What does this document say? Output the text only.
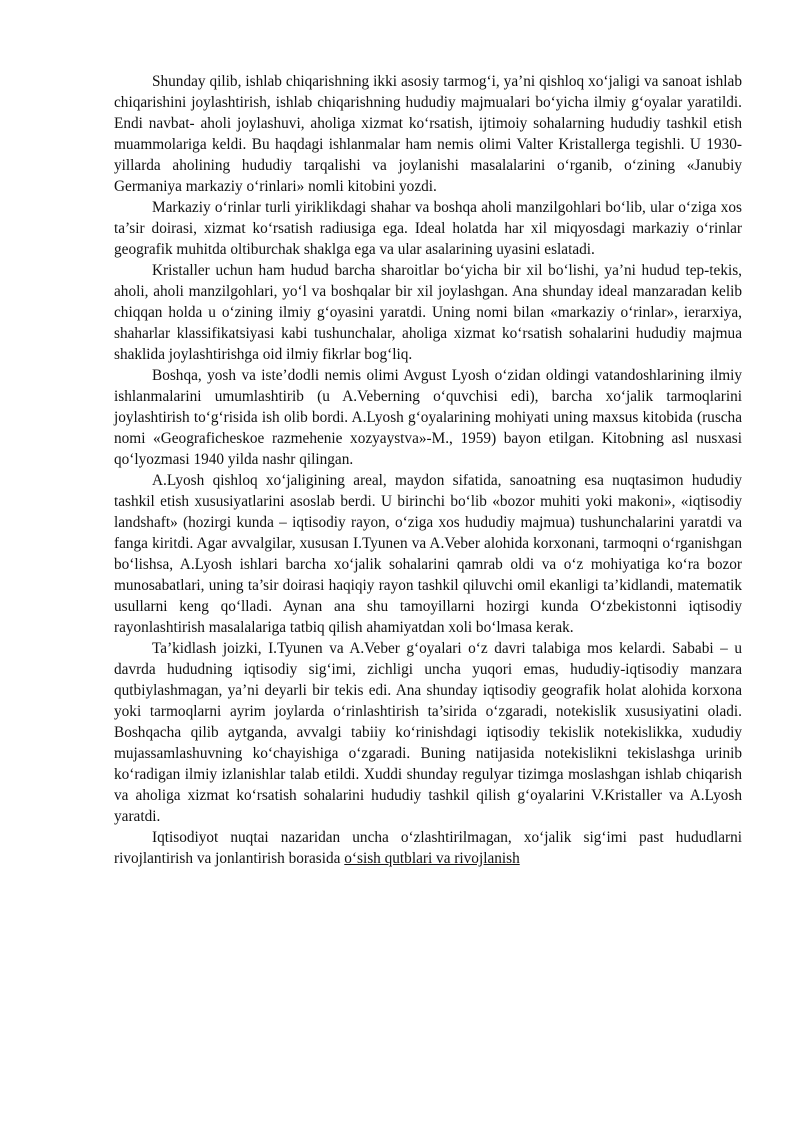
Shunday qilib, ishlab chiqarishning ikki asosiy tarmog‘i, ya’ni qishloq xo‘jaligi va sanoat ishlab chiqarishini joylashtirish, ishlab chiqarishning hududiy majmualari bo‘yicha ilmiy g‘oyalar yaratildi. Endi navbat- aholi joylashuvi, aholiga xizmat ko‘rsatish, ijtimoiy sohalarning hududiy tashkil etish muammolariga keldi. Bu haqdagi ishlanmalar ham nemis olimi Valter Kristallerga tegishli. U 1930-yillarda aholining hududiy tarqalishi va joylanishi masalalarini o‘rganib, o‘zining «Janubiy Germaniya markaziy o‘rinlari» nomli kitobini yozdi.

Markaziy o‘rinlar turli yiriklikdagi shahar va boshqa aholi manzilgohlari bo‘lib, ular o‘ziga xos ta’sir doirasi, xizmat ko‘rsatish radiusiga ega. Ideal holatda har xil miqyosdagi markaziy o‘rinlar geografik muhitda oltiburchak shaklga ega va ular asalarining uyasini eslatadi.

Kristaller uchun ham hudud barcha sharoitlar bo‘yicha bir xil bo‘lishi, ya’ni hudud tep-tekis, aholi, aholi manzilgohlari, yo‘l va boshqalar bir xil joylashgan. Ana shunday ideal manzaradan kelib chiqqan holda u o‘zining ilmiy g‘oyasini yaratdi. Uning nomi bilan «markaziy o‘rinlar», ierarxiya, shaharlar klassifikatsiyasi kabi tushunchalar, aholiga xizmat ko‘rsatish sohalarini hududiy majmua shaklida joylashtirishga oid ilmiy fikrlar bog‘liq.

Boshqa, yosh va iste’dodli nemis olimi Avgust Lyosh o‘zidan oldingi vatandoshlarining ilmiy ishlanmalarini umumlashtirib (u A.Veberning o‘quvchisi edi), barcha xo‘jalik tarmoqlarini joylashtirish to‘g‘risida ish olib bordi. A.Lyosh g‘oyalarining mohiyati uning maxsus kitobida (ruscha nomi «Geograficheskoe razmehenie xozyaystva»-M., 1959) bayon etilgan. Kitobning asl nusxasi qo‘lyozmasi 1940 yilda nashr qilingan.

A.Lyosh qishloq xo‘jaligining areal, maydon sifatida, sanoatning esa nuqtasimon hududiy tashkil etish xususiyatlarini asoslab berdi. U birinchi bo‘lib «bozor muhiti yoki makoni», «iqtisodiy landshaft» (hozirgi kunda – iqtisodiy rayon, o‘ziga xos hududiy majmua) tushunchalarini yaratdi va fanga kiritdi. Agar avvalgilar, xususan I.Tyunen va A.Veber alohida korxonani, tarmoqni o‘rganishgan bo‘lishsa, A.Lyosh ishlari barcha xo‘jalik sohalarini qamrab oldi va o‘z mohiyatiga ko‘ra bozor munosabatlari, uning ta’sir doirasi haqiqiy rayon tashkil qiluvchi omil ekanligi ta’kidlandi, matematik usullarni keng qo‘lladi. Aynan ana shu tamoyillarni hozirgi kunda O‘zbekistonni iqtisodiy rayonlashtirish masalalariga tatbiq qilish ahamiyatdan xoli bo‘lmasa kerak.

Ta’kidlash joizki, I.Tyunen va A.Veber g‘oyalari o‘z davri talabiga mos kelardi. Sababi – u davrda hududning iqtisodiy sig‘imi, zichligi uncha yuqori emas, hududiy-iqtisodiy manzara qutbiylashmagan, ya’ni deyarli bir tekis edi. Ana shunday iqtisodiy geografik holat alohida korxona yoki tarmoqlarni ayrim joylarda o‘rinlashtirish ta’sirida o‘zgaradi, notekislik xususiyatini oladi. Boshqacha qilib aytganda, avvalgi tabiiy ko‘rinishdagi iqtisodiy tekislik notekislikka, xududiy mujassamlashuvning ko‘chayishiga o‘zgaradi. Buning natijasida notekislikni tekislashga urinib ko‘radigan ilmiy izlanishlar talab etildi. Xuddi shunday regulyar tizimga moslashgan ishlab chiqarish va aholiga xizmat ko‘rsatish sohalarini hududiy tashkil qilish g‘oyalarini V.Kristaller va A.Lyosh yaratdi.

Iqtisodiyot nuqtai nazaridan uncha o‘zlashtirilmagan, xo‘jalik sig‘imi past hududlarni rivojlantirish va jonlantirish borasida o‘sish qutblari va rivojlanish
